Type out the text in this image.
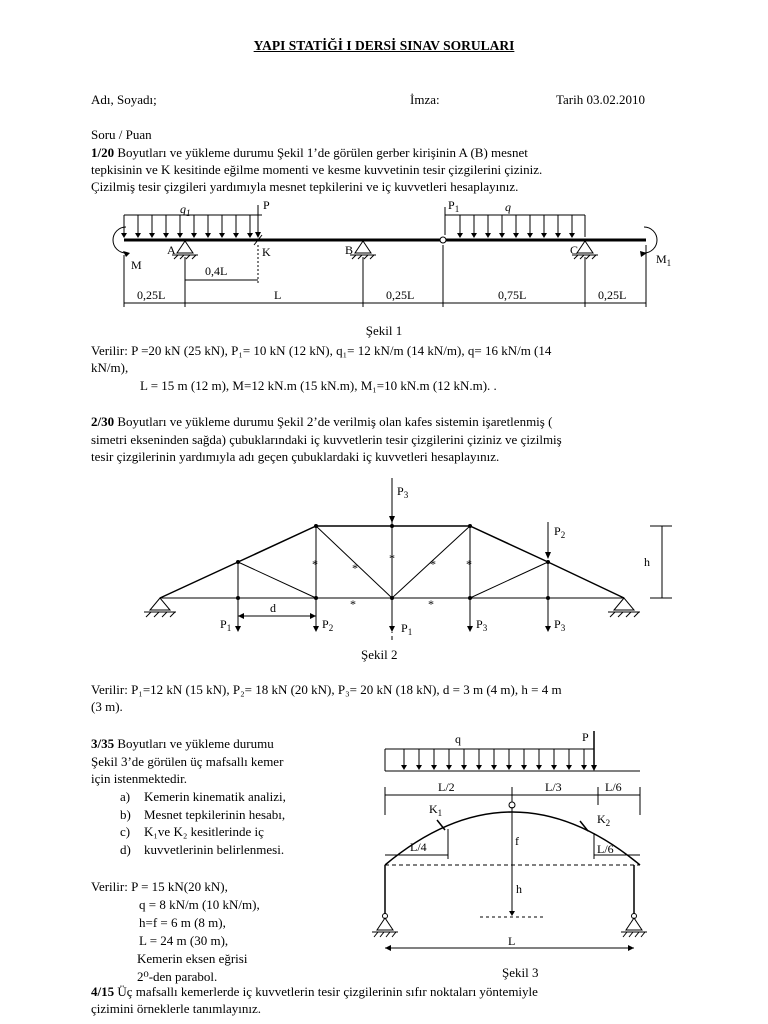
YAPI STATİĞİ I DERSİ SINAV SORULARI
Adı, Soyadı;	İmza:	Tarih 03.02.2010
Soru / Puan
1/20 Boyutları ve yükleme durumu Şekil 1’de görülen gerber kirişinin A (B) mesnet
tepkisinin ve K kesitinde eğilme momenti ve kesme kuvvetinin tesir çizgilerini çiziniz.
Çizilmiş tesir çizgileri yardımıyla mesnet tepkilerini ve iç kuvvetleri hesaplayınız.
$q_1$
P
M
A	K	B
$P_1$	q
C
$M_1$
0,4L
0,25L	L	0,25L	0,75L	0,25L
Şekil 1
Verilir: P =20 kN (25 kN), P₁= 10 kN (12 kN), q₁= 12 kN/m (14 kN/m), q= 16 kN/m (14
kN/m),
L = 15 m (12 m), M=12 kN.m (15 kN.m), M₁=10 kN.m (12 kN.m). .
2/30 Boyutları ve yükleme durumu Şekil 2’de verilmiş olan kafes sistemin işaretlenmiş (
simetri ekseninden sağda) çubuklarındaki iç kuvvetlerin tesir çizgilerini çiziniz ve çizilmiş
tesir çizgilerinin yardımıyla adı geçen çubuklardaki iç kuvvetleri hesaplayınız.
*	*
*	*	*
*	*
$P_3$
$P_2$
h
d
$P_1$	$P_2$	$P_1$
$P_3$	$P_3$
Şekil 2
Verilir: P₁=12 kN (15 kN), P₂= 18 kN (20 kN), P₃= 20 kN (18 kN), d = 3 m (4 m), h = 4 m
(3 m).
3/35 Boyutları ve yükleme durumu
Şekil 3’de görülen üç mafsallı kemer
için istenmektedir.
a) Kemerin kinematik analizi,
b) Mesnet tepkilerinin hesabı,
c) K₁ve K₂ kesitlerinde iç
d) kuvvetlerinin belirlenmesi.
Verilir: P = 15 kN(20 kN),
q = 8 kN/m (10 kN/m),
h=f = 6 m (8 m),
L = 24 m (30 m),
Kemerin eksen eğrisi
2⁰-den parabol.
q	P
L/2	L/3	L/6
$K_1$	$K_2$
L/4	L/6
f
h
L
Şekil 3
4/15 Üç mafsallı kemerlerde iç kuvvetlerin tesir çizgilerinin sıfır noktaları yöntemiyle
çizimini örneklerle tanımlayınız.
